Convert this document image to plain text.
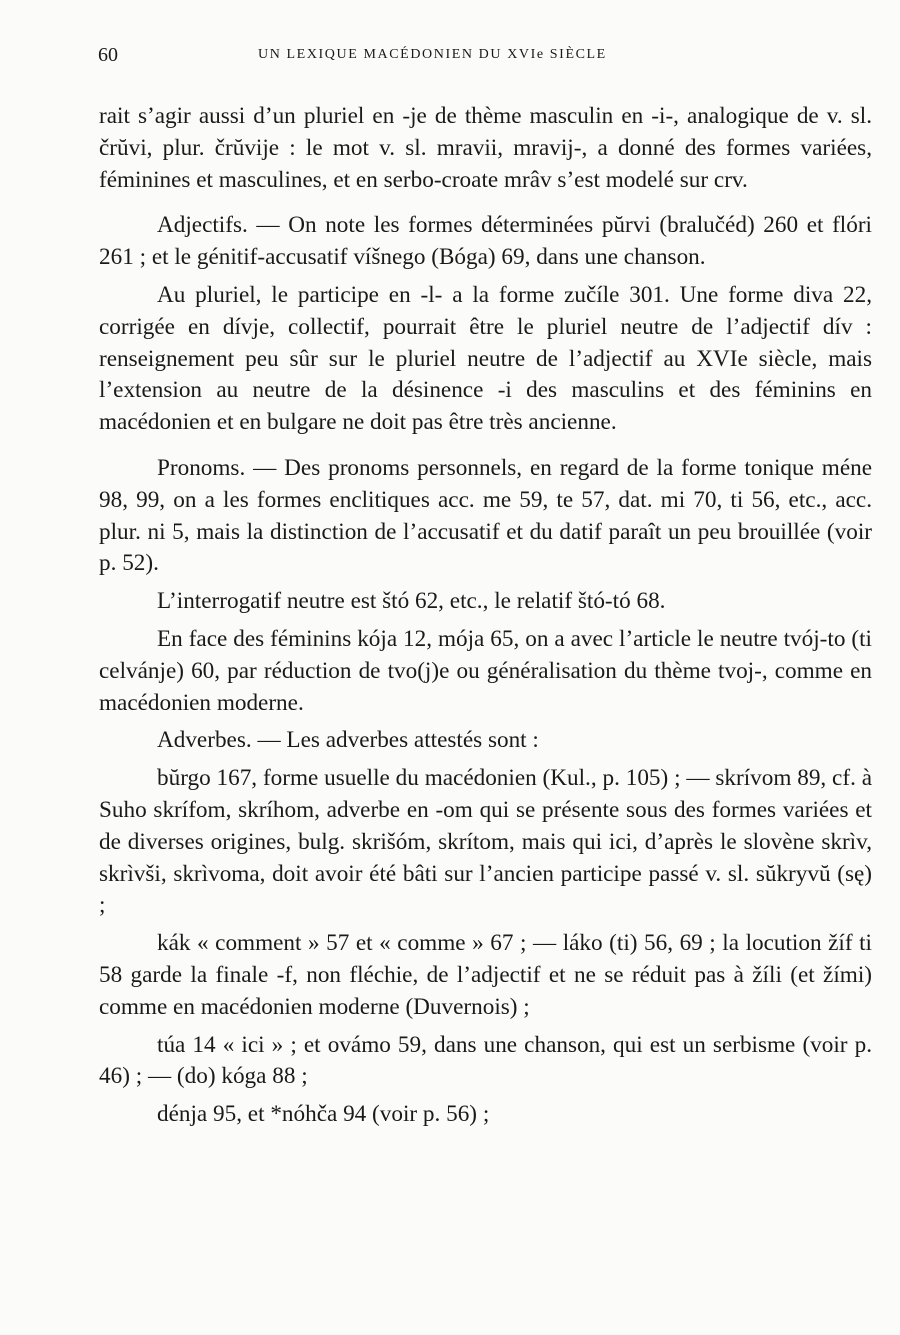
60	UN LEXIQUE MACÉDONIEN DU XVIe SIÈCLE

rait s’agir aussi d’un pluriel en -je de thème masculin en -i-, analogique de v. sl. črŭvi, plur. črŭvije : le mot v. sl. mravii, mravij-, a donné des formes variées, féminines et masculines, et en serbo-croate mrâv s’est modelé sur crv.

Adjectifs. — On note les formes déterminées pŭrvi (bralučéd) 260 et flóri 261 ; et le génitif-accusatif víšnego (Bóga) 69, dans une chanson.

Au pluriel, le participe en -l- a la forme zučíle 301. Une forme diva 22, corrigée en dívje, collectif, pourrait être le pluriel neutre de l’adjectif dív : renseignement peu sûr sur le pluriel neutre de l’adjectif au XVIe siècle, mais l’extension au neutre de la désinence -i des masculins et des féminins en macédonien et en bulgare ne doit pas être très ancienne.

Pronoms. — Des pronoms personnels, en regard de la forme tonique méne 98, 99, on a les formes enclitiques acc. me 59, te 57, dat. mi 70, ti 56, etc., acc. plur. ni 5, mais la distinction de l’accusatif et du datif paraît un peu brouillée (voir p. 52).

L’interrogatif neutre est štó 62, etc., le relatif štó-tó 68.

En face des féminins kója 12, mója 65, on a avec l’article le neutre tvój-to (ti celvánje) 60, par réduction de tvo(j)e ou généralisation du thème tvoj-, comme en macédonien moderne.

Adverbes. — Les adverbes attestés sont :

bŭrgo 167, forme usuelle du macédonien (Kul., p. 105) ; — skrívom 89, cf. à Suho skrífom, skríhom, adverbe en -om qui se présente sous des formes variées et de diverses origines, bulg. skrišóm, skrítom, mais qui ici, d’après le slovène skrìv, skrìvši, skrìvoma, doit avoir été bâti sur l’ancien participe passé v. sl. sŭkryvŭ (sę) ;

kák « comment » 57 et « comme » 67 ; — láko (ti) 56, 69 ; la locution žíf ti 58 garde la finale -f, non fléchie, de l’adjectif et ne se réduit pas à žíli (et žími) comme en macédonien moderne (Duvernois) ;

túa 14 « ici » ; et ovámo 59, dans une chanson, qui est un serbisme (voir p. 46) ; — (do) kóga 88 ;

dénja 95, et *nóhča 94 (voir p. 56) ;
